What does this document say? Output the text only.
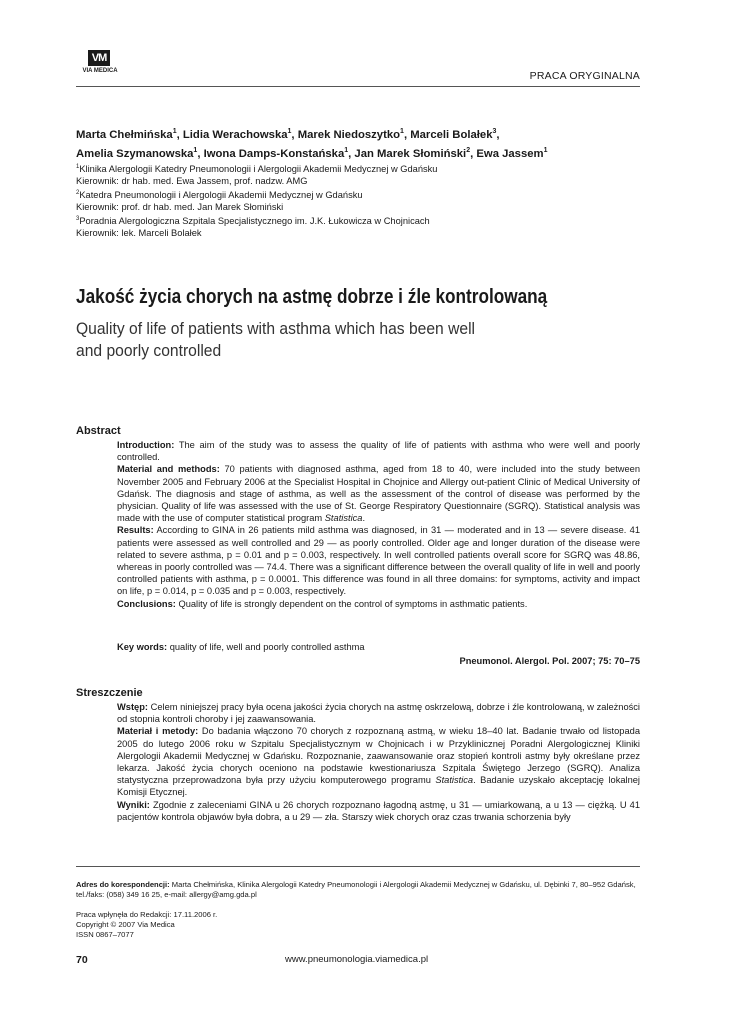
VM
VIA MEDICA	PRACA ORYGINALNA
Marta Chełmińska$^1$, Lidia Werachowska$^1$, Marek Niedoszytko$^1$, Marceli Bolałek$^3$,
Amelia Szymanowska$^1$, Iwona Damps-Konstańska$^1$, Jan Marek Słomiński$^2$, Ewa Jassem$^1$
$^1$Klinika Alergologii Katedry Pneumonologii i Alergologii Akademii Medycznej w Gdańsku
Kierownik: dr hab. med. Ewa Jassem, prof. nadzw. AMG
$^2$Katedra Pneumonologii i Alergologii Akademii Medycznej w Gdańsku
Kierownik: prof. dr hab. med. Jan Marek Słomiński
$^3$Poradnia Alergologiczna Szpitala Specjalistycznego im. J.K. Łukowicza w Chojnicach
Kierownik: lek. Marceli Bolałek
Jakość życia chorych na astmę dobrze i źle kontrolowaną
Quality of life of patients with asthma which has been well
and poorly controlled
Abstract

Introduction: The aim of the study was to assess the quality of life of patients with asthma who were well and poorly controlled.

Material and methods: 70 patients with diagnosed asthma, aged from 18 to 40, were included into the study between November 2005 and February 2006 at the Specialist Hospital in Chojnice and Allergy out-patient Clinic of Medical University of Gdańsk. The diagnosis and stage of asthma, as well as the assessment of the control of disease was performed by the physician. Quality of life was assessed with the use of St. George Respiratory Questionnaire (SGRQ). Statistical analysis was made with the use of computer statistical program Statistica.

Results: According to GINA in 26 patients mild asthma was diagnosed, in 31 — moderated and in 13 — severe disease. 41 patients were assessed as well controlled and 29 — as poorly controlled. Older age and longer duration of the disease were related to severe asthma, p = 0.01 and p = 0.003, respectively. In well controlled patients overall score for SGRQ was 48.86, whereas in poorly controlled was — 74.4. There was a significant difference between the overall quality of life in well and poorly controlled patients with asthma, p = 0.0001. This difference was found in all three domains: for symptoms, activity and impact on life, p = 0.014, p = 0.035 and p = 0.003, respectively.

Conclusions: Quality of life is strongly dependent on the control of symptoms in asthmatic patients.

Key words: quality of life, well and poorly controlled asthma
Pneumonol. Alergol. Pol. 2007; 75: 70–75
Streszczenie

Wstęp: Celem niniejszej pracy była ocena jakości życia chorych na astmę oskrzelową, dobrze i źle kontrolowaną, w zależności od stopnia kontroli choroby i jej zaawansowania.

Materiał i metody: Do badania włączono 70 chorych z rozpoznaną astmą, w wieku 18–40 lat. Badanie trwało od listopada 2005 do lutego 2006 roku w Szpitalu Specjalistycznym w Chojnicach i w Przyklinicznej Poradni Alergologicznej Kliniki Alergologii Akademii Medycznej w Gdańsku. Rozpoznanie, zaawansowanie oraz stopień kontroli astmy były określane przez lekarza. Jakość życia chorych oceniono na podstawie kwestionariusza Szpitala Świętego Jerzego (SGRQ). Analiza statystyczna przeprowadzona była przy użyciu komputerowego programu Statistica. Badanie uzyskało akceptację lokalnej Komisji Etycznej.

Wyniki: Zgodnie z zaleceniami GINA u 26 chorych rozpoznano łagodną astmę, u 31 — umiarkowaną, a u 13 — ciężką. U 41 pacjentów kontrola objawów była dobra, a u 29 — zła. Starszy wiek chorych oraz czas trwania schorzenia były

Adres do korespondencji: Marta Chełmińska, Klinika Alergologii Katedry Pneumonologii i Alergologii Akademii Medycznej w Gdańsku, ul. Dębinki 7, 80–952 Gdańsk, tel./faks: (058) 349 16 25, e-mail: allergy@amg.gda.pl
Praca wpłynęła do Redakcji: 17.11.2006 r.
Copyright © 2007 Via Medica
ISSN 0867–7077
70	www.pneumonologia.viamedica.pl
